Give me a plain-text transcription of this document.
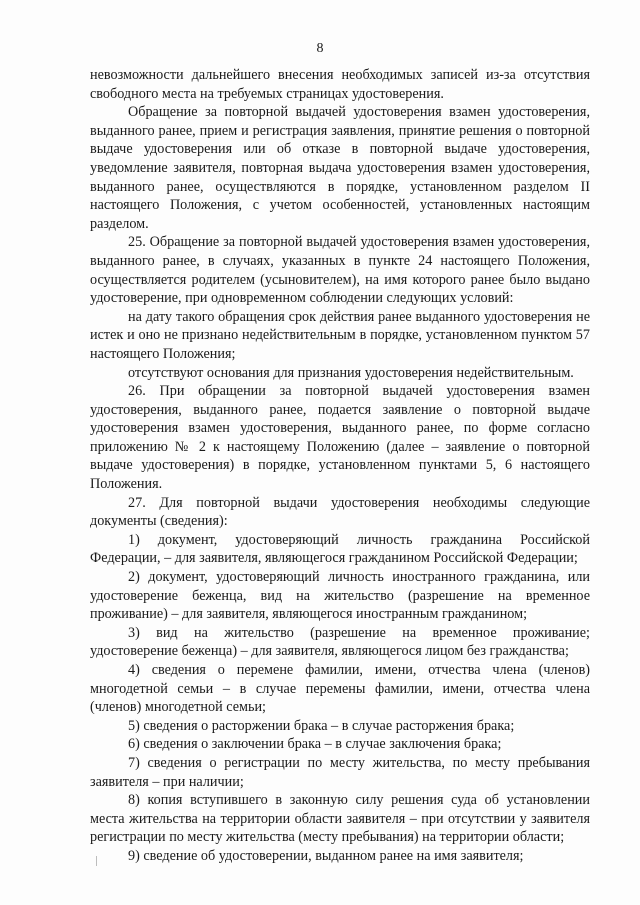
8

невозможности дальнейшего внесения необходимых записей из-за отсутствия свободного места на требуемых страницах удостоверения.

Обращение за повторной выдачей удостоверения взамен удостоверения, выданного ранее, прием и регистрация заявления, принятие решения о повторной выдаче удостоверения или об отказе в повторной выдаче удостоверения, уведомление заявителя, повторная выдача удостоверения взамен удостоверения, выданного ранее, осуществляются в порядке, установленном разделом II настоящего Положения, с учетом особенностей, установленных настоящим разделом.

25. Обращение за повторной выдачей удостоверения взамен удостоверения, выданного ранее, в случаях, указанных в пункте 24 настоящего Положения, осуществляется родителем (усыновителем), на имя которого ранее было выдано удостоверение, при одновременном соблюдении следующих условий:

на дату такого обращения срок действия ранее выданного удостоверения не истек и оно не признано недействительным в порядке, установленном пунктом 57 настоящего Положения;

отсутствуют основания для признания удостоверения недействительным.

26. При обращении за повторной выдачей удостоверения взамен удостоверения, выданного ранее, подается заявление о повторной выдаче удостоверения взамен удостоверения, выданного ранее, по форме согласно приложению № 2 к настоящему Положению (далее – заявление о повторной выдаче удостоверения) в порядке, установленном пунктами 5, 6 настоящего Положения.

27. Для повторной выдачи удостоверения необходимы следующие документы (сведения):

1) документ, удостоверяющий личность гражданина Российской Федерации, – для заявителя, являющегося гражданином Российской Федерации;

2) документ, удостоверяющий личность иностранного гражданина, или удостоверение беженца, вид на жительство (разрешение на временное проживание) – для заявителя, являющегося иностранным гражданином;

3) вид на жительство (разрешение на временное проживание; удостоверение беженца) – для заявителя, являющегося лицом без гражданства;

4) сведения о перемене фамилии, имени, отчества члена (членов) многодетной семьи – в случае перемены фамилии, имени, отчества члена (членов) многодетной семьи;

5) сведения о расторжении брака – в случае расторжения брака;

6) сведения о заключении брака – в случае заключения брака;

7) сведения о регистрации по месту жительства, по месту пребывания заявителя – при наличии;

8) копия вступившего в законную силу решения суда об установлении места жительства на территории области заявителя – при отсутствии у заявителя регистрации по месту жительства (месту пребывания) на территории области;

9) сведение об удостоверении, выданном ранее на имя заявителя;
